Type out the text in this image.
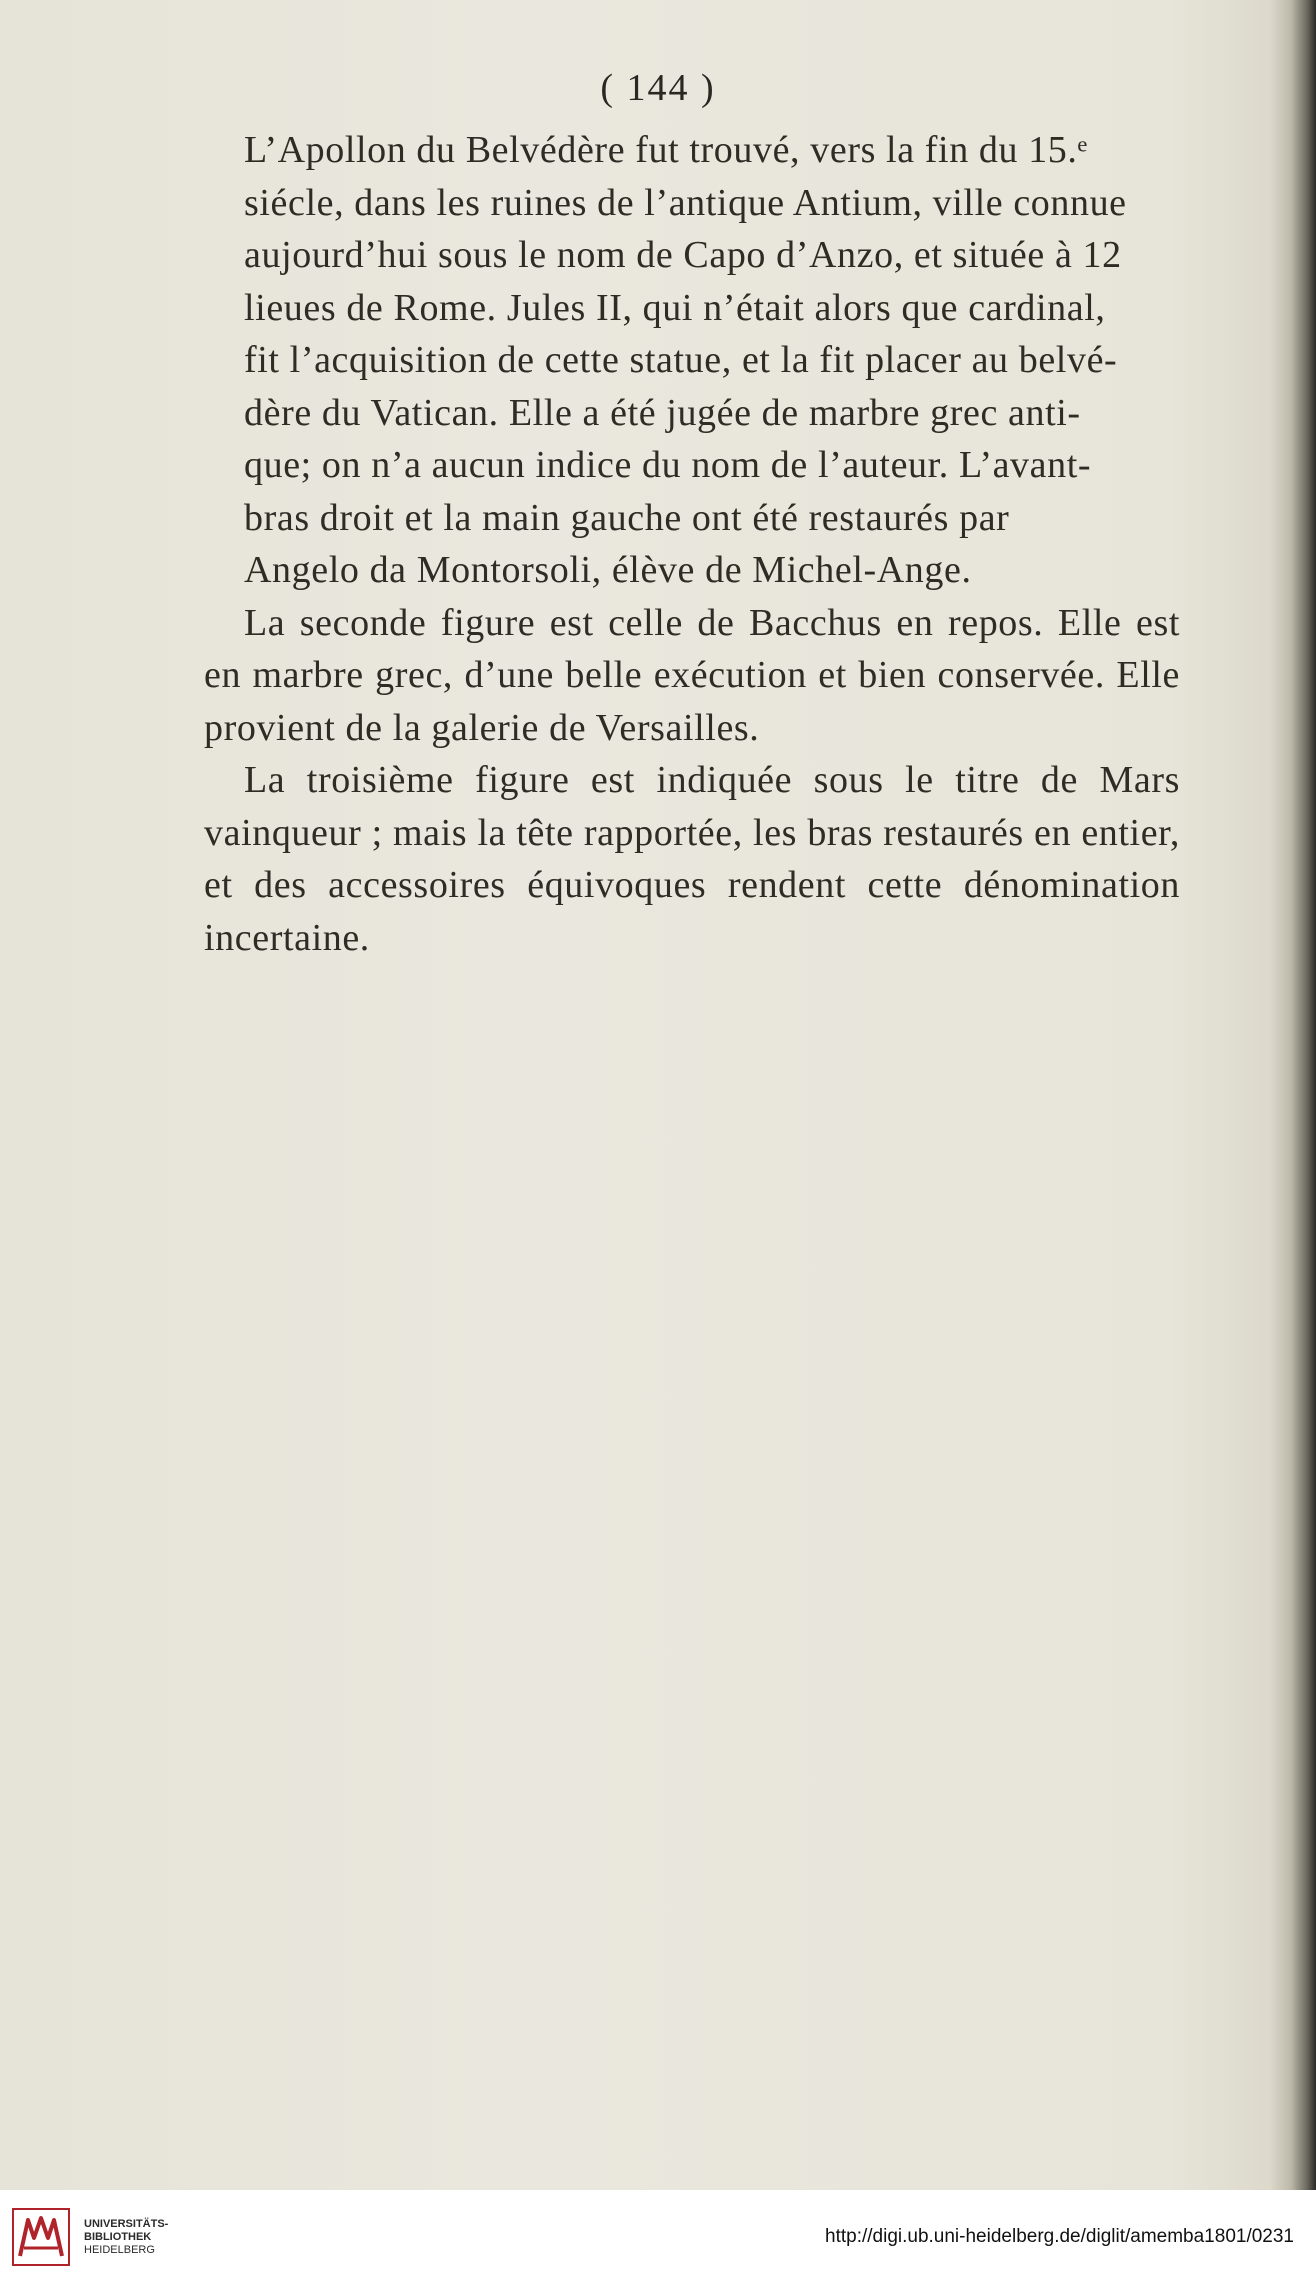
( 144 )

L’Apollon du Belvédère fut trouvé, vers la fin du 15.ᵉ
siécle, dans les ruines de l’antique Antium, ville connue
aujourd’hui sous le nom de Capo d’Anzo, et située à 12
lieues de Rome. Jules II, qui n’était alors que cardinal,
fit l’acquisition de cette statue, et la fit placer au belvé-
dère du Vatican. Elle a été jugée de marbre grec anti-
que; on n’a aucun indice du nom de l’auteur. L’avant-
bras droit et la main gauche ont été restaurés par
Angelo da Montorsoli, élève de Michel-Ange.

La seconde figure est celle de Bacchus en repos. Elle est en marbre grec, d’une belle exécution et bien conservée. Elle provient de la galerie de Versailles.

La troisième figure est indiquée sous le titre de Mars vainqueur ; mais la tête rapportée, les bras restaurés en entier, et des accessoires équivoques rendent cette dénomination incertaine.

UNIVERSITÄTS-
BIBLIOTHEK
HEIDELBERG
http://digi.ub.uni-heidelberg.de/diglit/amemba1801/0231
